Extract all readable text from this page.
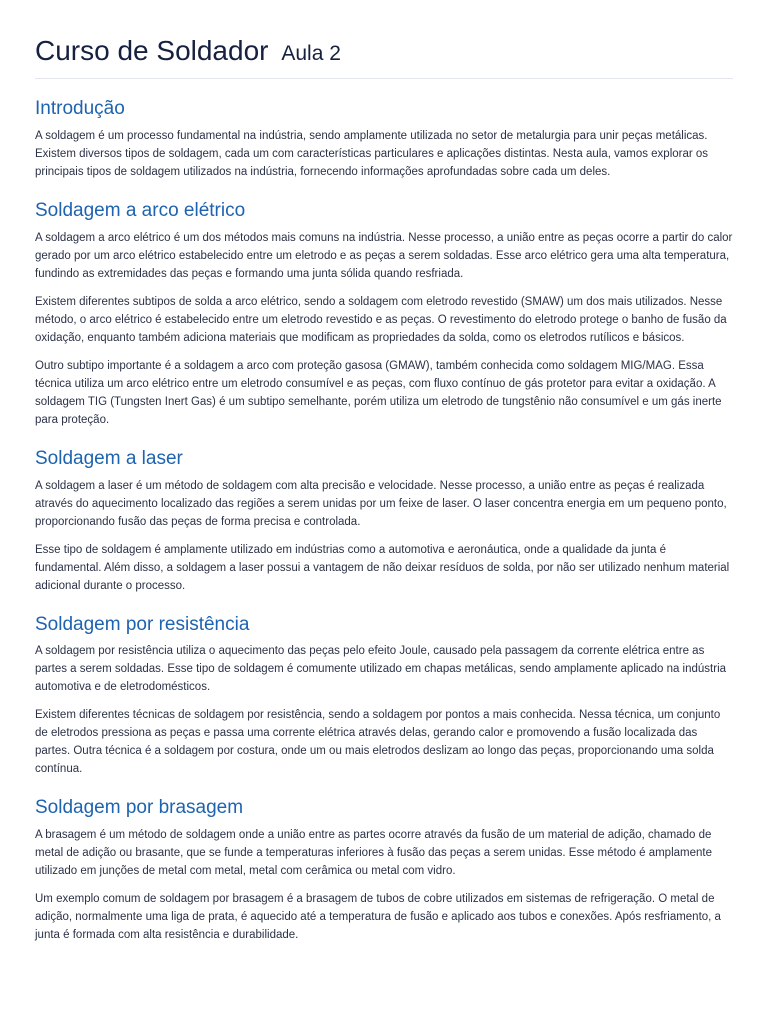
Curso de Soldador Aula 2
Introdução

A soldagem é um processo fundamental na indústria, sendo amplamente utilizada no setor de metalurgia para unir peças metálicas. Existem diversos tipos de soldagem, cada um com características particulares e aplicações distintas. Nesta aula, vamos explorar os principais tipos de soldagem utilizados na indústria, fornecendo informações aprofundadas sobre cada um deles.

Soldagem a arco elétrico

A soldagem a arco elétrico é um dos métodos mais comuns na indústria. Nesse processo, a união entre as peças ocorre a partir do calor gerado por um arco elétrico estabelecido entre um eletrodo e as peças a serem soldadas. Esse arco elétrico gera uma alta temperatura, fundindo as extremidades das peças e formando uma junta sólida quando resfriada.

Existem diferentes subtipos de solda a arco elétrico, sendo a soldagem com eletrodo revestido (SMAW) um dos mais utilizados. Nesse método, o arco elétrico é estabelecido entre um eletrodo revestido e as peças. O revestimento do eletrodo protege o banho de fusão da oxidação, enquanto também adiciona materiais que modificam as propriedades da solda, como os eletrodos rutílicos e básicos.

Outro subtipo importante é a soldagem a arco com proteção gasosa (GMAW), também conhecida como soldagem MIG/MAG. Essa técnica utiliza um arco elétrico entre um eletrodo consumível e as peças, com fluxo contínuo de gás protetor para evitar a oxidação. A soldagem TIG (Tungsten Inert Gas) é um subtipo semelhante, porém utiliza um eletrodo de tungstênio não consumível e um gás inerte para proteção.

Soldagem a laser

A soldagem a laser é um método de soldagem com alta precisão e velocidade. Nesse processo, a união entre as peças é realizada através do aquecimento localizado das regiões a serem unidas por um feixe de laser. O laser concentra energia em um pequeno ponto, proporcionando fusão das peças de forma precisa e controlada.

Esse tipo de soldagem é amplamente utilizado em indústrias como a automotiva e aeronáutica, onde a qualidade da junta é fundamental. Além disso, a soldagem a laser possui a vantagem de não deixar resíduos de solda, por não ser utilizado nenhum material adicional durante o processo.

Soldagem por resistência

A soldagem por resistência utiliza o aquecimento das peças pelo efeito Joule, causado pela passagem da corrente elétrica entre as partes a serem soldadas. Esse tipo de soldagem é comumente utilizado em chapas metálicas, sendo amplamente aplicado na indústria automotiva e de eletrodomésticos.

Existem diferentes técnicas de soldagem por resistência, sendo a soldagem por pontos a mais conhecida. Nessa técnica, um conjunto de eletrodos pressiona as peças e passa uma corrente elétrica através delas, gerando calor e promovendo a fusão localizada das partes. Outra técnica é a soldagem por costura, onde um ou mais eletrodos deslizam ao longo das peças, proporcionando uma solda contínua.

Soldagem por brasagem

A brasagem é um método de soldagem onde a união entre as partes ocorre através da fusão de um material de adição, chamado de metal de adição ou brasante, que se funde a temperaturas inferiores à fusão das peças a serem unidas. Esse método é amplamente utilizado em junções de metal com metal, metal com cerâmica ou metal com vidro.

Um exemplo comum de soldagem por brasagem é a brasagem de tubos de cobre utilizados em sistemas de refrigeração. O metal de adição, normalmente uma liga de prata, é aquecido até a temperatura de fusão e aplicado aos tubos e conexões. Após resfriamento, a junta é formada com alta resistência e durabilidade.
